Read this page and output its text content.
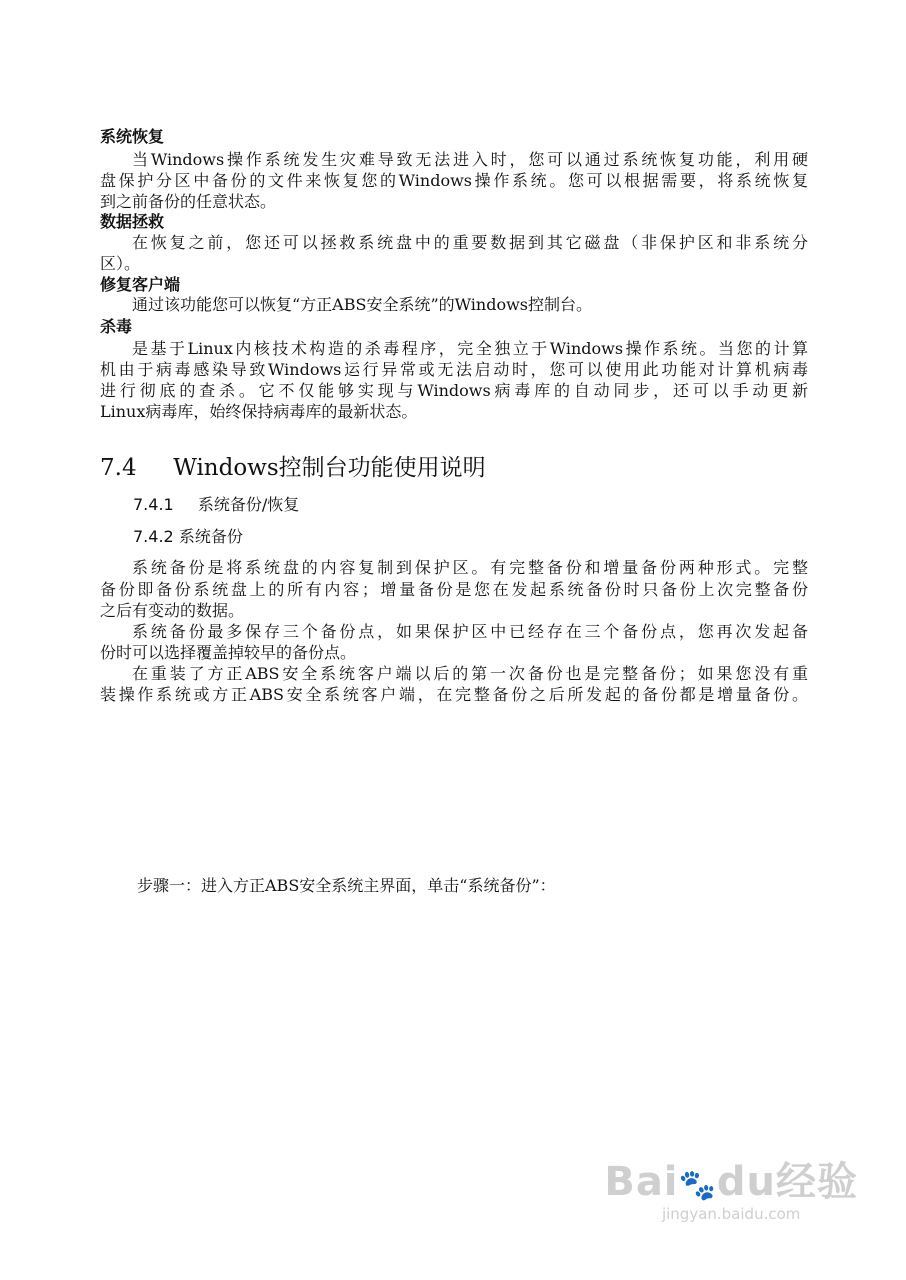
系统恢复
当Windows操作系统发生灾难导致无法进入时，您可以通过系统恢复功能，利用硬
盘保护分区中备份的文件来恢复您的Windows操作系统。您可以根据需要，将系统恢复
到之前备份的任意状态。
数据拯救
在恢复之前，您还可以拯救系统盘中的重要数据到其它磁盘（非保护区和非系统分
区）。
修复客户端
通过该功能您可以恢复“方正ABS安全系统”的Windows控制台。
杀毒
是基于Linux内核技术构造的杀毒程序，完全独立于Windows操作系统。当您的计算
机由于病毒感染导致Windows运行异常或无法启动时，您可以使用此功能对计算机病毒
进行彻底的查杀。它不仅能够实现与Windows病毒库的自动同步，还可以手动更新
Linux病毒库，始终保持病毒库的最新状态。
7.4 Windows控制台功能使用说明
7.4.1 系统备份/恢复
7.4.2 系统备份
系统备份是将系统盘的内容复制到保护区。有完整备份和增量备份两种形式。完整
备份即备份系统盘上的所有内容；增量备份是您在发起系统备份时只备份上次完整备份
之后有变动的数据。
系统备份最多保存三个备份点，如果保护区中已经存在三个备份点，您再次发起备
份时可以选择覆盖掉较早的备份点。
在重装了方正ABS安全系统客户端以后的第一次备份也是完整备份；如果您没有重
装操作系统或方正ABS安全系统客户端，在完整备份之后所发起的备份都是增量备份。
步骤一：进入方正ABS安全系统主界面，单击“系统备份”：
Bai🐾du经验
jingyan.baidu.com
